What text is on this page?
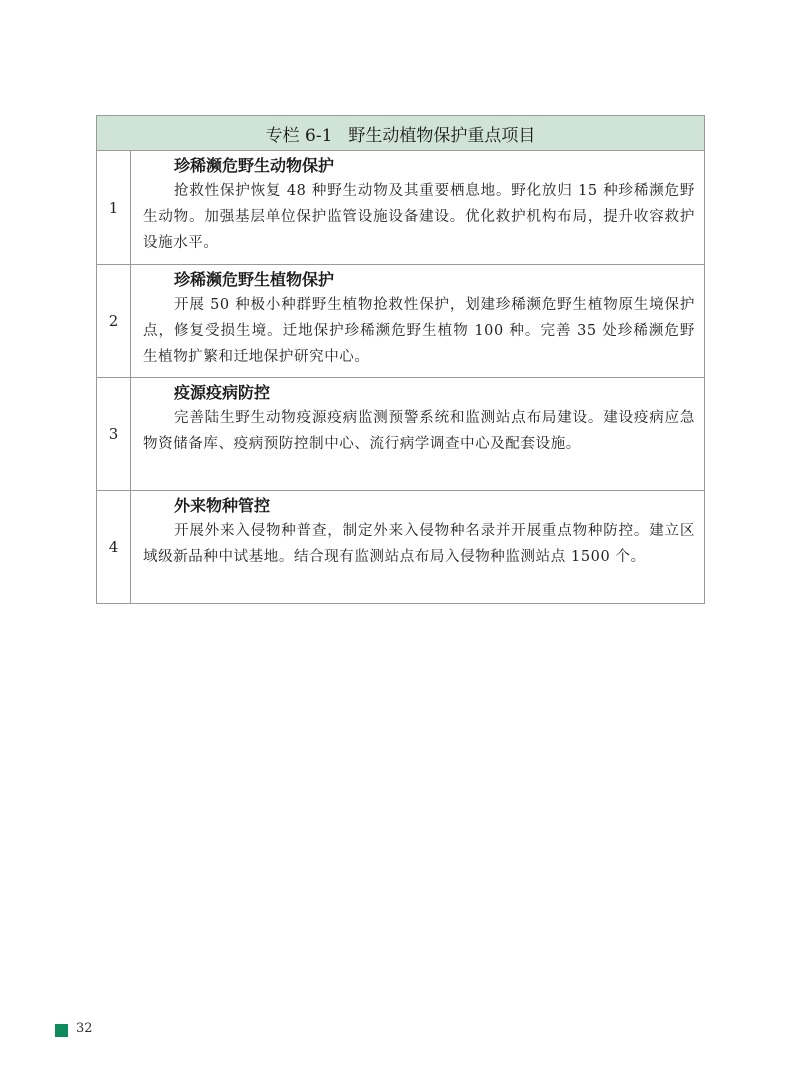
专栏 6-1 野生动植物保护重点项目
1
珍稀濒危野生动物保护
抢救性保护恢复 48 种野生动物及其重要栖息地。野化放归 15 种珍稀濒危野生动物。加强基层单位保护监管设施设备建设。优化救护机构布局，提升收容救护设施水平。
2
珍稀濒危野生植物保护
开展 50 种极小种群野生植物抢救性保护，划建珍稀濒危野生植物原生境保护点，修复受损生境。迁地保护珍稀濒危野生植物 100 种。完善 35 处珍稀濒危野生植物扩繁和迁地保护研究中心。
3
疫源疫病防控
完善陆生野生动物疫源疫病监测预警系统和监测站点布局建设。建设疫病应急物资储备库、疫病预防控制中心、流行病学调查中心及配套设施。
4
外来物种管控
开展外来入侵物种普查，制定外来入侵物种名录并开展重点物种防控。建立区域级新品种中试基地。结合现有监测站点布局入侵物种监测站点 1500 个。
32
